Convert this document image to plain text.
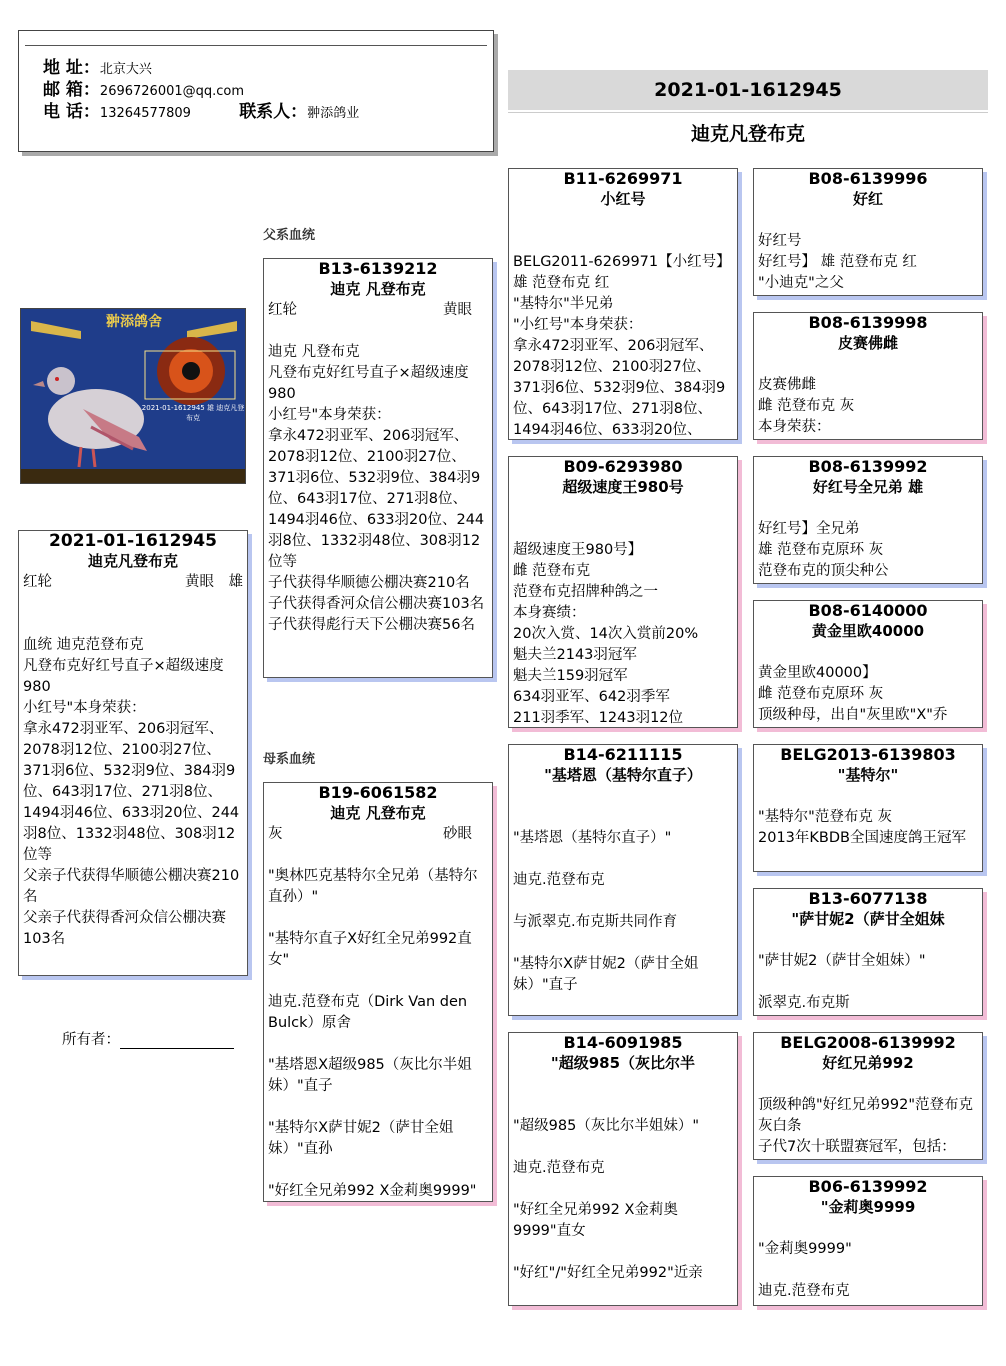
地 址：北京大兴
邮 箱：2696726001@qq.com
电 话：13264577809	联系人：翀添鸽业
2021-01-1612945
迪克凡登布克
父系血统
母系血统
翀添鸽舍
2021-01-1612945 雄 迪克凡登布克
2021-01-1612945
迪克凡登布克
红轮	黄眼　雄
血统 迪克范登布克
凡登布克好红号直子×超级速度980
小红号"本身荣获：
拿永472羽亚军、206羽冠军、2078羽12位、2100羽27位、371羽6位、532羽9位、384羽9位、643羽17位、271羽8位、1494羽46位、633羽20位、244羽8位、1332羽48位、308羽12位等
父亲子代获得华顺德公棚决赛210名
父亲子代获得香河众信公棚决赛103名
所有者：
B13-6139212
迪克 凡登布克
红轮	黄眼
迪克 凡登布克
凡登布克好红号直子×超级速度980
小红号"本身荣获：
拿永472羽亚军、206羽冠军、2078羽12位、2100羽27位、371羽6位、532羽9位、384羽9位、643羽17位、271羽8位、1494羽46位、633羽20位、244羽8位、1332羽48位、308羽12位等
子代获得华顺德公棚决赛210名
子代获得香河众信公棚决赛103名
子代获得彪行天下公棚决赛56名
B19-6061582
迪克 凡登布克
灰	砂眼
"奥林匹克基特尔全兄弟（基特尔直孙）"
"基特尔直子X好红全兄弟992直女"
迪克.范登布克（Dirk Van den Bulck）原舍
"基塔恩X超级985（灰比尔半姐妹）"直子
"基特尔X萨甘妮2（萨甘全姐妹）"直孙
"好红全兄弟992 X金莉奥9999"
B11-6269971
小红号
BELG2011-6269971【小红号】 雄 范登布克 红
"基特尔"半兄弟
"小红号"本身荣获：
拿永472羽亚军、206羽冠军、2078羽12位、2100羽27位、371羽6位、532羽9位、384羽9位、643羽17位、271羽8位、1494羽46位、633羽20位、
B09-6293980
超级速度王980号
超级速度王980号】
雌 范登布克
范登布克招牌种鸽之一
本身赛绩：
20次入赏、14次入赏前20%
魁夫兰2143羽冠军
魁夫兰159羽冠军
634羽亚军、642羽季军
211羽季军、1243羽12位
B14-6211115
"基塔恩（基特尔直子）
"基塔恩（基特尔直子）"
迪克.范登布克
与派翠克.布克斯共同作育
"基特尔X萨甘妮2（萨甘全姐妹）"直子
B14-6091985
"超级985（灰比尔半
"超级985（灰比尔半姐妹）"
迪克.范登布克
"好红全兄弟992 X金莉奥9999"直女
"好红"/"好红全兄弟992"近亲
B08-6139996
好红
好红号
好红号】 雄 范登布克 红
"小迪克"之父
B08-6139998
皮赛佛雌
皮赛佛雌
雌 范登布克 灰
本身荣获：
B08-6139992
好红号全兄弟 雄
好红号】全兄弟
雄 范登布克原环 灰
范登布克的顶尖种公
B08-6140000
黄金里欧40000
黄金里欧40000】
雌 范登布克原环 灰
顶级种母，出自"灰里欧"X"乔
BELG2013-6139803
"基特尔"
"基特尔"范登布克 灰
2013年KBDB全国速度鸽王冠军
B13-6077138
"萨甘妮2（萨甘全姐妹
"萨甘妮2（萨甘全姐妹）"
派翠克.布克斯
BELG2008-6139992
好红兄弟992
顶级种鸽"好红兄弟992"范登布克 灰白条
子代7次十联盟赛冠军，包括：
B06-6139992
"金莉奥9999
"金莉奥9999"
迪克.范登布克
